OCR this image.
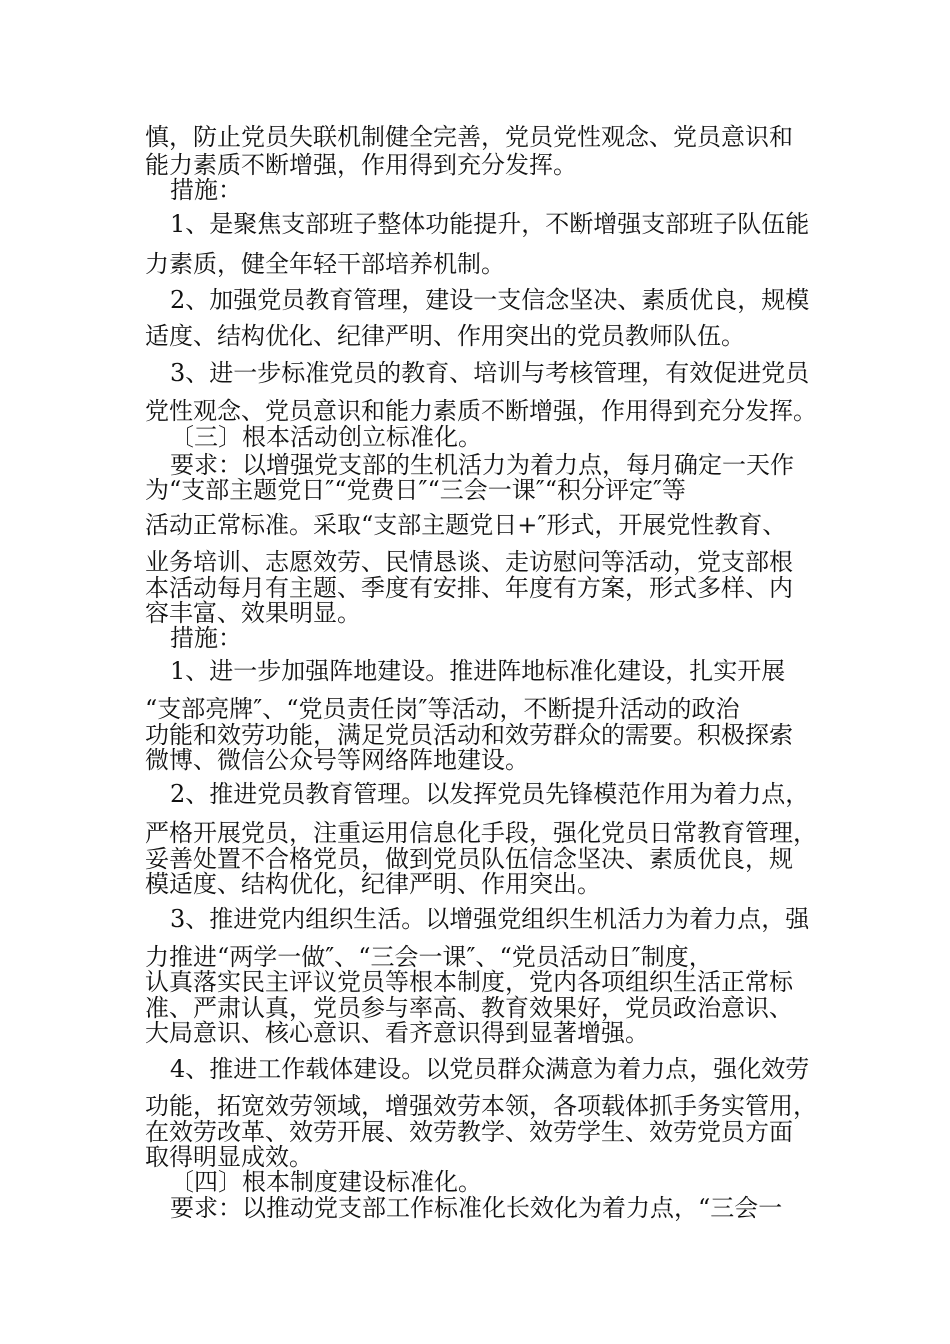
慎，防止党员失联机制健全完善，党员党性观念、党员意识和
能力素质不断增强，作用得到充分发挥。
措施：
1、是聚焦支部班子整体功能提升，不断增强支部班子队伍能
力素质，健全年轻干部培养机制。
2、加强党员教育管理，建设一支信念坚决、素质优良，规模
适度、结构优化、纪律严明、作用突出的党员教师队伍。
3、进一步标准党员的教育、培训与考核管理，有效促进党员
党性观念、党员意识和能力素质不断增强，作用得到充分发挥。
〔三〕根本活动创立标准化。
要求：以增强党支部的生机活力为着力点，每月确定一天作
为“支部主题党日″“党费日″“三会一课″“积分评定″等
活动正常标准。采取“支部主题党日+″形式，开展党性教育、
业务培训、志愿效劳、民情恳谈、走访慰问等活动，党支部根
本活动每月有主题、季度有安排、年度有方案，形式多样、内
容丰富、效果明显。
措施：
1、进一步加强阵地建设。推进阵地标准化建设，扎实开展
“支部亮牌″、“党员责任岗″等活动，不断提升活动的政治
功能和效劳功能，满足党员活动和效劳群众的需要。积极探索
微博、微信公众号等网络阵地建设。
2、推进党员教育管理。以发挥党员先锋模范作用为着力点，
严格开展党员，注重运用信息化手段，强化党员日常教育管理，
妥善处置不合格党员，做到党员队伍信念坚决、素质优良，规
模适度、结构优化，纪律严明、作用突出。
3、推进党内组织生活。以增强党组织生机活力为着力点，强
力推进“两学一做″、“三会一课″、“党员活动日″制度，
认真落实民主评议党员等根本制度，党内各项组织生活正常标
准、严肃认真，党员参与率高、教育效果好，党员政治意识、
大局意识、核心意识、看齐意识得到显著增强。
4、推进工作载体建设。以党员群众满意为着力点，强化效劳
功能，拓宽效劳领域，增强效劳本领，各项载体抓手务实管用，
在效劳改革、效劳开展、效劳教学、效劳学生、效劳党员方面
取得明显成效。
〔四〕根本制度建设标准化。
要求：以推动党支部工作标准化长效化为着力点，“三会一
